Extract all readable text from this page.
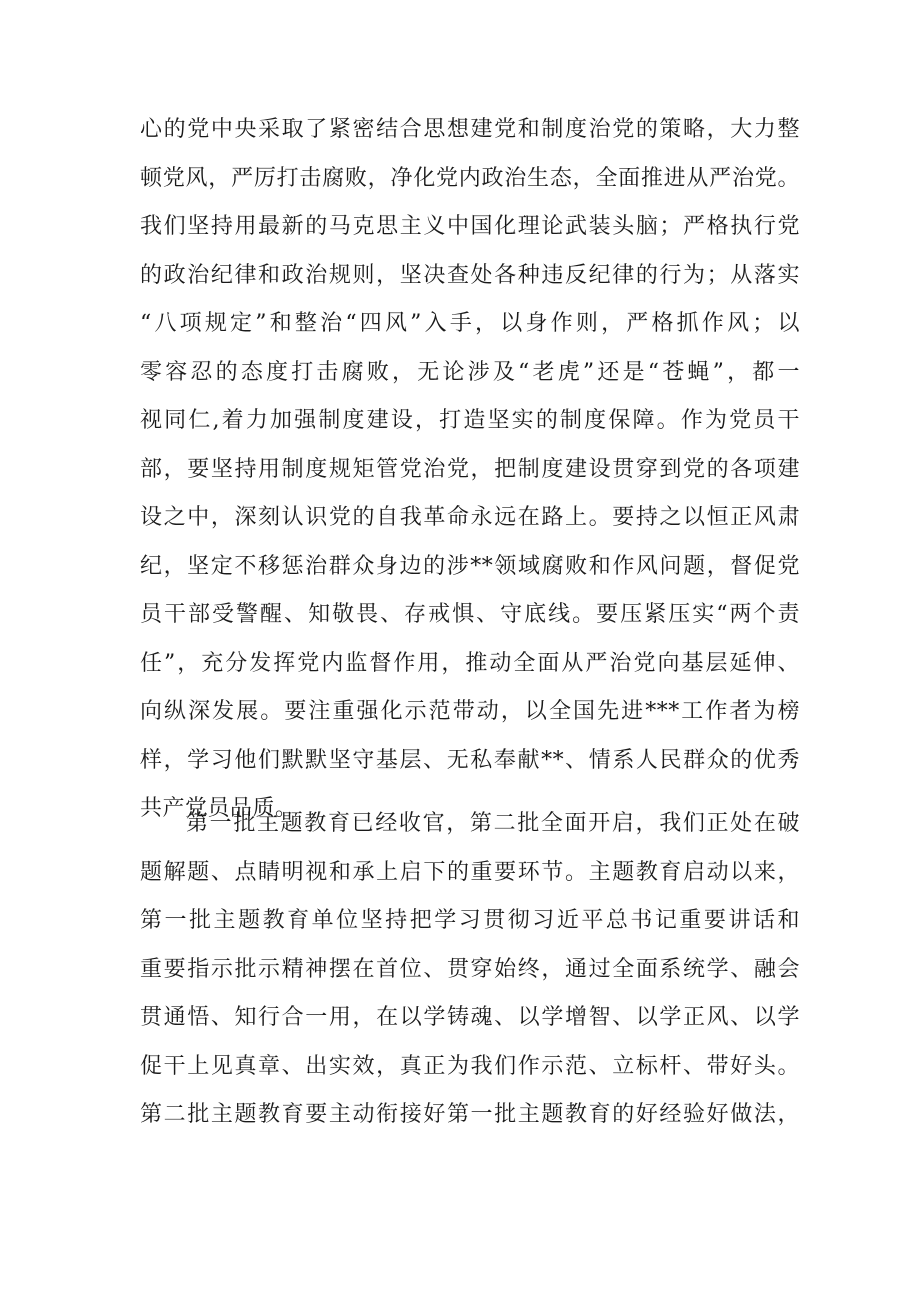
心的党中央采取了紧密结合思想建党和制度治党的策略，大力整
顿党风，严厉打击腐败，净化党内政治生态，全面推进从严治党。
我们坚持用最新的马克思主义中国化理论武装头脑；严格执行党
的政治纪律和政治规则，坚决查处各种违反纪律的行为；从落实
“八项规定”和整治“四风”入手，以身作则，严格抓作风；以
零容忍的态度打击腐败，无论涉及“老虎”还是“苍蝇”，都一
视同仁,着力加强制度建设，打造坚实的制度保障。作为党员干
部，要坚持用制度规矩管党治党，把制度建设贯穿到党的各项建
设之中，深刻认识党的自我革命永远在路上。要持之以恒正风肃
纪，坚定不移惩治群众身边的涉**领域腐败和作风问题，督促党
员干部受警醒、知敬畏、存戒惧、守底线。要压紧压实“两个责
任”，充分发挥党内监督作用，推动全面从严治党向基层延伸、
向纵深发展。要注重强化示范带动，以全国先进***工作者为榜
样，学习他们默默坚守基层、无私奉献**、情系人民群众的优秀
共产党员品质。
第一批主题教育已经收官，第二批全面开启，我们正处在破
题解题、点睛明视和承上启下的重要环节。主题教育启动以来，
第一批主题教育单位坚持把学习贯彻习近平总书记重要讲话和
重要指示批示精神摆在首位、贯穿始终，通过全面系统学、融会
贯通悟、知行合一用，在以学铸魂、以学增智、以学正风、以学
促干上见真章、出实效，真正为我们作示范、立标杆、带好头。
第二批主题教育要主动衔接好第一批主题教育的好经验好做法，
